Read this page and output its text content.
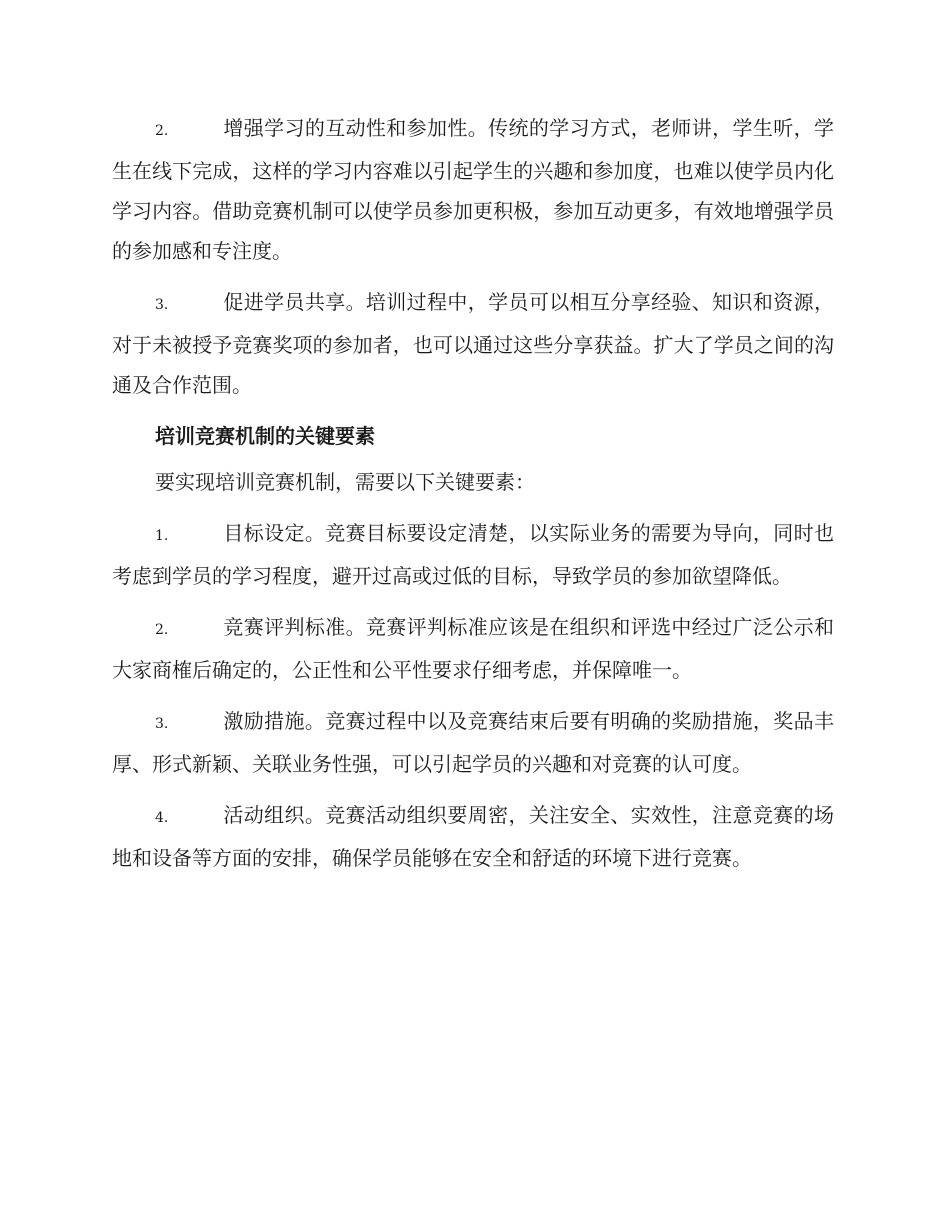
2.	增强学习的互动性和参加性。传统的学习方式，老师讲，学生听，学生在线下完成，这样的学习内容难以引起学生的兴趣和参加度，也难以使学员内化学习内容。借助竞赛机制可以使学员参加更积极，参加互动更多，有效地增强学员的参加感和专注度。

3.	促进学员共享。培训过程中，学员可以相互分享经验、知识和资源，对于未被授予竞赛奖项的参加者，也可以通过这些分享获益。扩大了学员之间的沟通及合作范围。

培训竞赛机制的关键要素

要实现培训竞赛机制，需要以下关键要素：

1.	目标设定。竞赛目标要设定清楚，以实际业务的需要为导向，同时也考虑到学员的学习程度，避开过高或过低的目标，导致学员的参加欲望降低。

2.	竞赛评判标准。竞赛评判标准应该是在组织和评选中经过广泛公示和大家商榷后确定的，公正性和公平性要求仔细考虑，并保障唯一。

3.	激励措施。竞赛过程中以及竞赛结束后要有明确的奖励措施，奖品丰厚、形式新颖、关联业务性强，可以引起学员的兴趣和对竞赛的认可度。

4.	活动组织。竞赛活动组织要周密，关注安全、实效性，注意竞赛的场地和设备等方面的安排，确保学员能够在安全和舒适的环境下进行竞赛。
